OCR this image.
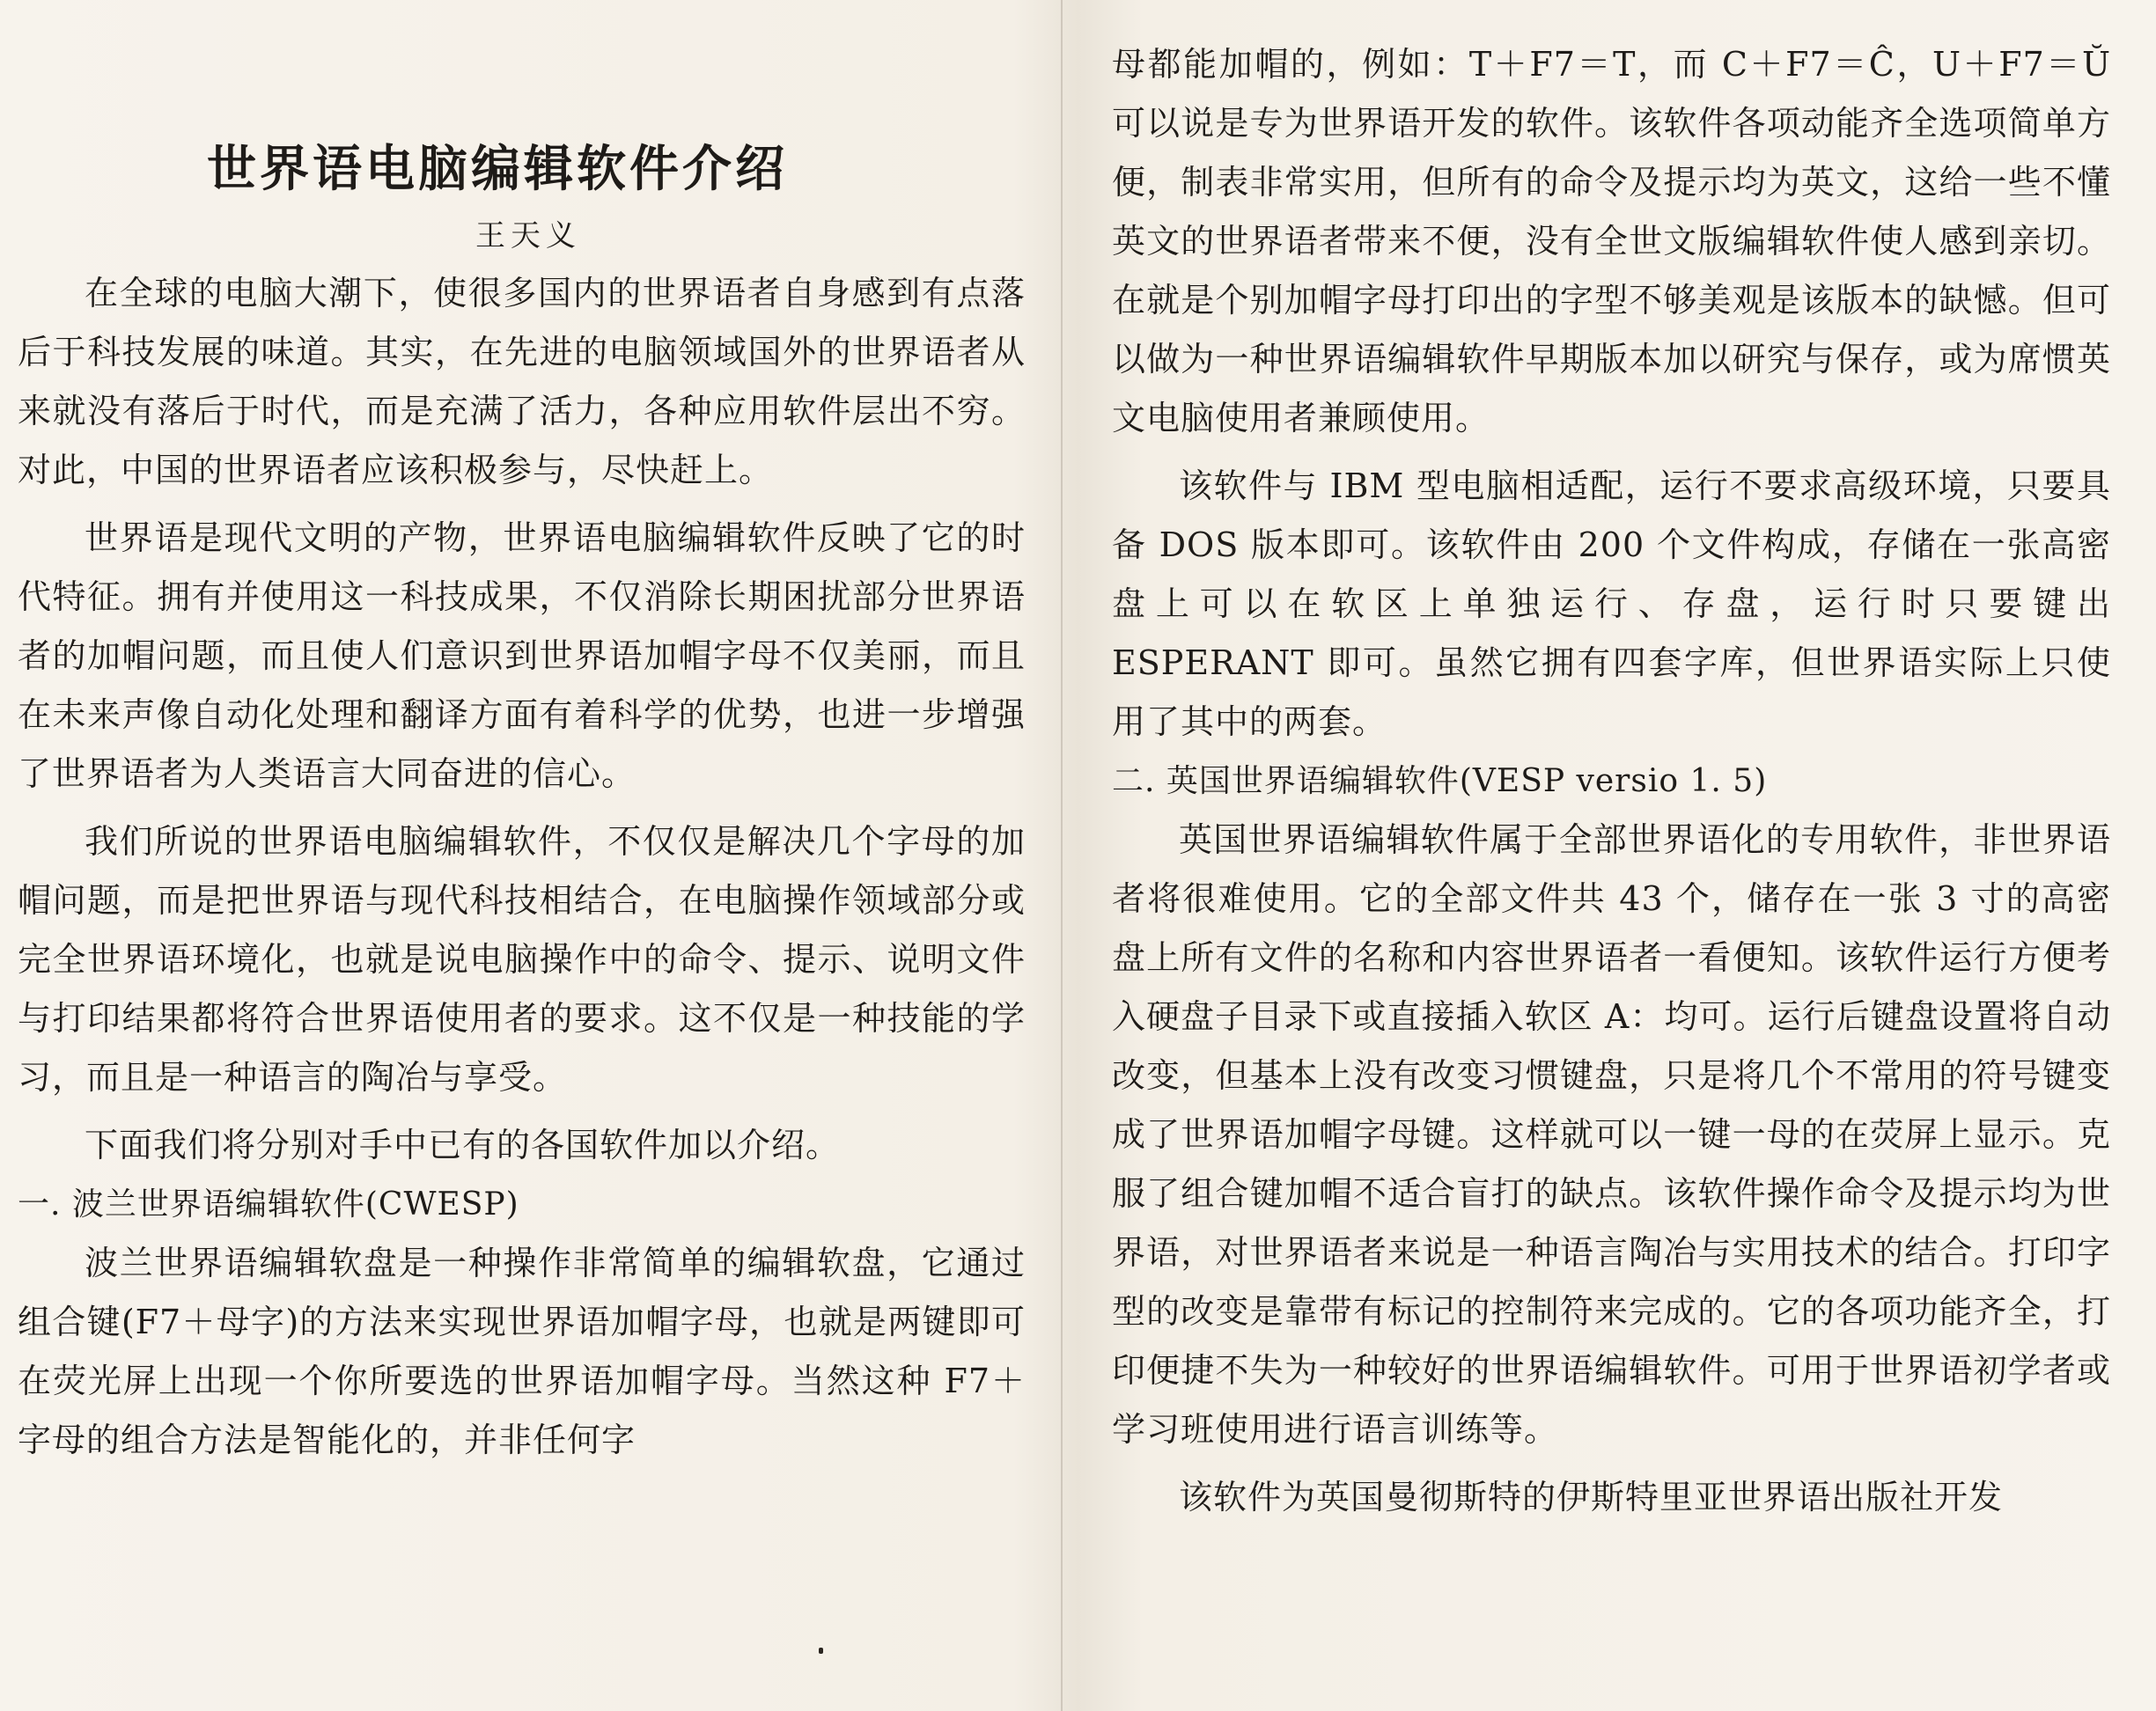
世界语电脑编辑软件介绍

王天义

在全球的电脑大潮下，使很多国内的世界语者自身感到有点落后于科技发展的味道。其实，在先进的电脑领域国外的世界语者从来就没有落后于时代，而是充满了活力，各种应用软件层出不穷。对此，中国的世界语者应该积极参与，尽快赶上。

世界语是现代文明的产物，世界语电脑编辑软件反映了它的时代特征。拥有并使用这一科技成果，不仅消除长期困扰部分世界语者的加帽问题，而且使人们意识到世界语加帽字母不仅美丽，而且在未来声像自动化处理和翻译方面有着科学的优势，也进一步增强了世界语者为人类语言大同奋进的信心。

我们所说的世界语电脑编辑软件，不仅仅是解决几个字母的加帽问题，而是把世界语与现代科技相结合，在电脑操作领域部分或完全世界语环境化，也就是说电脑操作中的命令、提示、说明文件与打印结果都将符合世界语使用者的要求。这不仅是一种技能的学习，而且是一种语言的陶冶与享受。

下面我们将分别对手中已有的各国软件加以介绍。

一. 波兰世界语编辑软件(CWESP)

波兰世界语编辑软盘是一种操作非常简单的编辑软盘，它通过组合键(F7＋母字)的方法来实现世界语加帽字母，也就是两键即可在荧光屏上出现一个你所要选的世界语加帽字母。当然这种 F7＋字母的组合方法是智能化的，并非任何字

母都能加帽的，例如：T＋F7＝T，而 C＋F7＝Ĉ，U＋F7＝Ŭ 可以说是专为世界语开发的软件。该软件各项动能齐全选项简单方便，制表非常实用，但所有的命令及提示均为英文，这给一些不懂英文的世界语者带来不便，没有全世文版编辑软件使人感到亲切。在就是个别加帽字母打印出的字型不够美观是该版本的缺憾。但可以做为一种世界语编辑软件早期版本加以研究与保存，或为席惯英文电脑使用者兼顾使用。

该软件与 IBM 型电脑相适配，运行不要求高级环境，只要具备 DOS 版本即可。该软件由 200 个文件构成，存储在一张高密盘上可以在软区上单独运行、存盘，运行时只要键出 ESPERANT 即可。虽然它拥有四套字库，但世界语实际上只使用了其中的两套。

二. 英国世界语编辑软件(VESP versio 1. 5)

英国世界语编辑软件属于全部世界语化的专用软件，非世界语者将很难使用。它的全部文件共 43 个，储存在一张 3 寸的高密盘上所有文件的名称和内容世界语者一看便知。该软件运行方便考入硬盘子目录下或直接插入软区 A：均可。运行后键盘设置将自动改变，但基本上没有改变习惯键盘，只是将几个不常用的符号键变成了世界语加帽字母键。这样就可以一键一母的在荧屏上显示。克服了组合键加帽不适合盲打的缺点。该软件操作命令及提示均为世界语，对世界语者来说是一种语言陶冶与实用技术的结合。打印字型的改变是靠带有标记的控制符来完成的。它的各项功能齐全，打印便捷不失为一种较好的世界语编辑软件。可用于世界语初学者或学习班使用进行语言训练等。

该软件为英国曼彻斯特的伊斯特里亚世界语出版社开发
